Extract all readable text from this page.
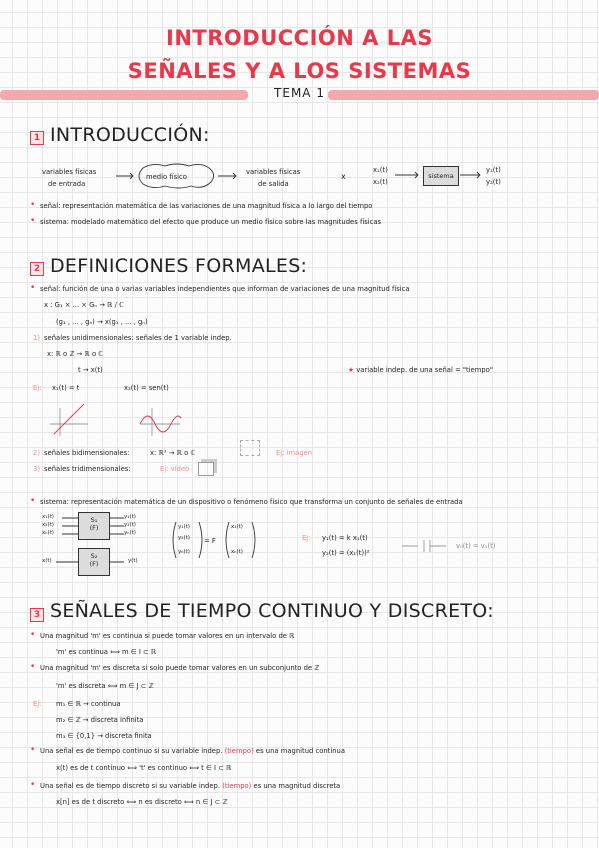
INTRODUCCIÓN A LAS
SEÑALES Y A LOS SISTEMAS
TEMA 1
1 INTRODUCCIÓN:
variables físicas
de entrada
medio físico
variables físicas
de salida
x
x₁(t)
x₂(t)
sistema
y₁(t)
y₂(t)
• señal: representación matemática de las variaciones de una magnitud física a lo largo del tiempo
• sistema: modelado matemático del efecto que produce un medio físico sobre las magnitudes físicas
2 DEFINICIONES FORMALES:
• señal: función de una o varias variables independientes que informan de variaciones de una magnitud física
x : G₁ × ... × Gₙ → ℝ / ℂ
(g₁ , ... , gₙ) → x(g₁ , ... , gₙ)
1) señales unidimensionales: señales de 1 variable indep.
x: ℝ o ℤ → ℝ o ℂ
t → x(t)	★ variable indep. de una señal = "tiempo"
Ej: x₁(t) = t	x₂(t) = sen(t)
2) señales bidimensionales:	x: ℝ² → ℝ o ℂ	Ej: imagen
3) señales tridimensionales:	Ej: vídeo
• sistema: representación matemática de un dispositivo o fenómeno físico que transforma un conjunto de señales de entrada
x₁(t)
x₂(t)
xₙ(t)
S₁
(F)
y₁(t)
y₂(t)
yₙ(t)
x(t)
S₂
(F)	y(t)
y₁(t)
y₂(t)
yₙ(t)
= F
x₁(t)
xₙ(t)
Ej: y₁(t) = k x₁(t)
y₂(t) = (x₁(t))²
v₀(t) = v₁(t)
3 SEÑALES DE TIEMPO CONTINUO Y DISCRETO:
• Una magnitud 'm' es continua si puede tomar valores en un intervalo de ℝ
'm' es continua ⟺ m ∈ I ⊂ ℝ
• Una magnitud 'm' es discreta si solo puede tomar valores en un subconjunto de ℤ
'm' es discreta ⟺ m ∈ J ⊂ ℤ
Ej: m₁ ∈ ℝ → continua
m₂ ∈ ℤ → discreta infinita
m₃ ∈ {0,1} → discreta finita
• Una señal es de tiempo continuo si su variable indep. (tiempo) es una magnitud continua
x(t) es de t contínuo ⟺ 't' es continuo ⟺ t ∈ I ⊂ ℝ
• Una señal es de tiempo discreto si su variable indep. (tiempo) es una magnitud discreta
x[n] es de t discreto ⟺ n es discreto ⟺ n ∈ J ⊂ ℤ
